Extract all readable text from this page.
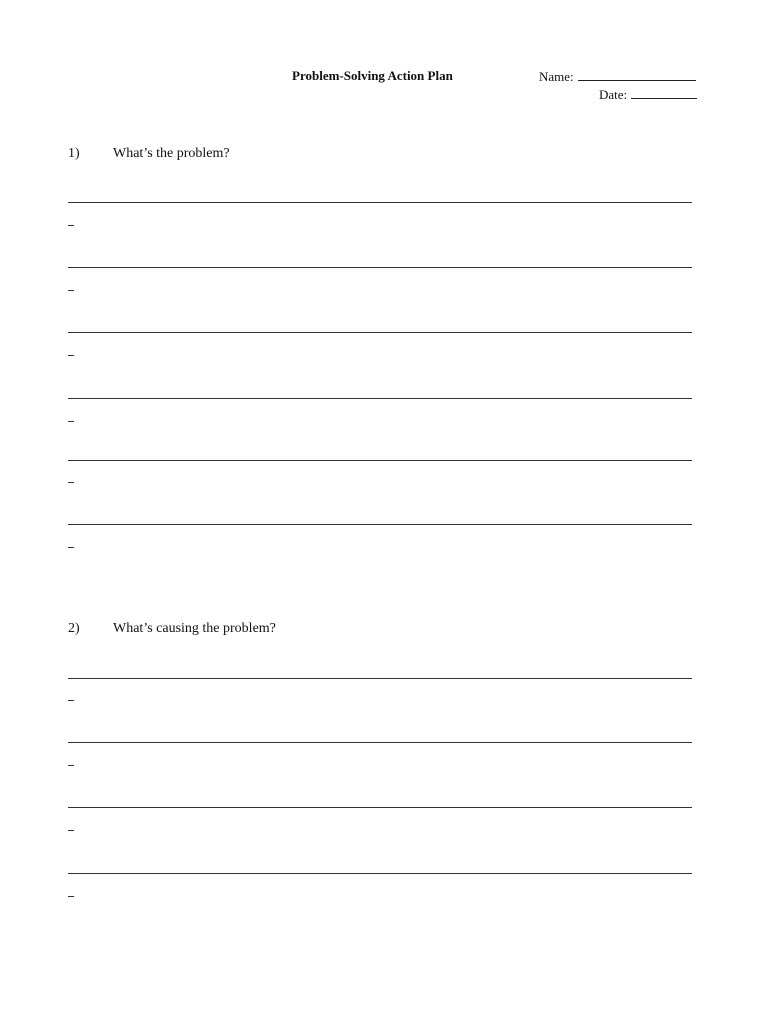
Problem-Solving Action Plan	Name:
Date:
1) What’s the problem?
2) What’s causing the problem?
